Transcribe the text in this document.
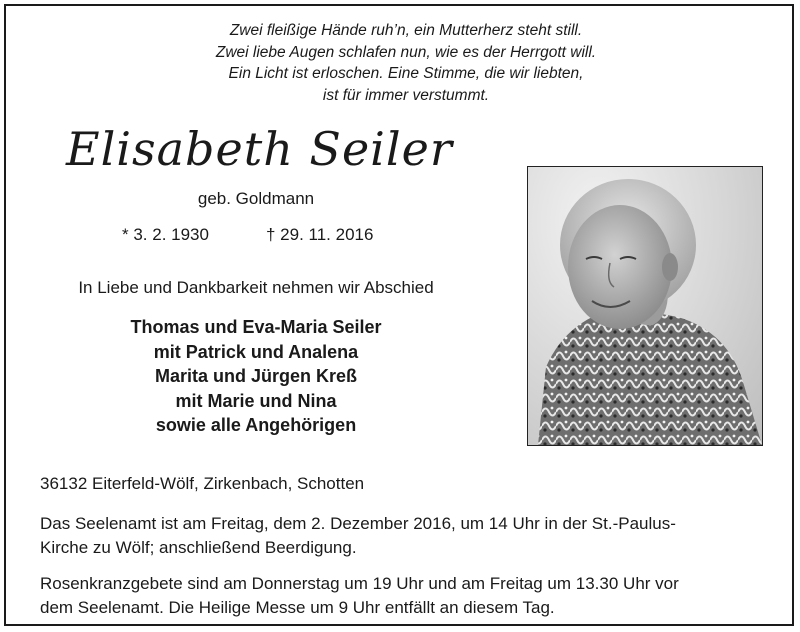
Zwei fleißige Hände ruh’n, ein Mutterherz steht still.
Zwei liebe Augen schlafen nun, wie es der Herrgott will.
Ein Licht ist erloschen. Eine Stimme, die wir liebten,
ist für immer verstummt.
Elisabeth Seiler
geb. Goldmann
* 3. 2. 1930	† 29. 11. 2016
In Liebe und Dankbarkeit nehmen wir Abschied
Thomas und Eva-Maria Seiler
mit Patrick und Analena
Marita und Jürgen Kreß
mit Marie und Nina
sowie alle Angehörigen
36132 Eiterfeld-Wölf, Zirkenbach, Schotten
Das Seelenamt ist am Freitag, dem 2. Dezember 2016, um 14 Uhr in der St.-Paulus-
Kirche zu Wölf; anschließend Beerdigung.
Rosenkranzgebete sind am Donnerstag um 19 Uhr und am Freitag um 13.30 Uhr vor
dem Seelenamt. Die Heilige Messe um 9 Uhr entfällt an diesem Tag.
